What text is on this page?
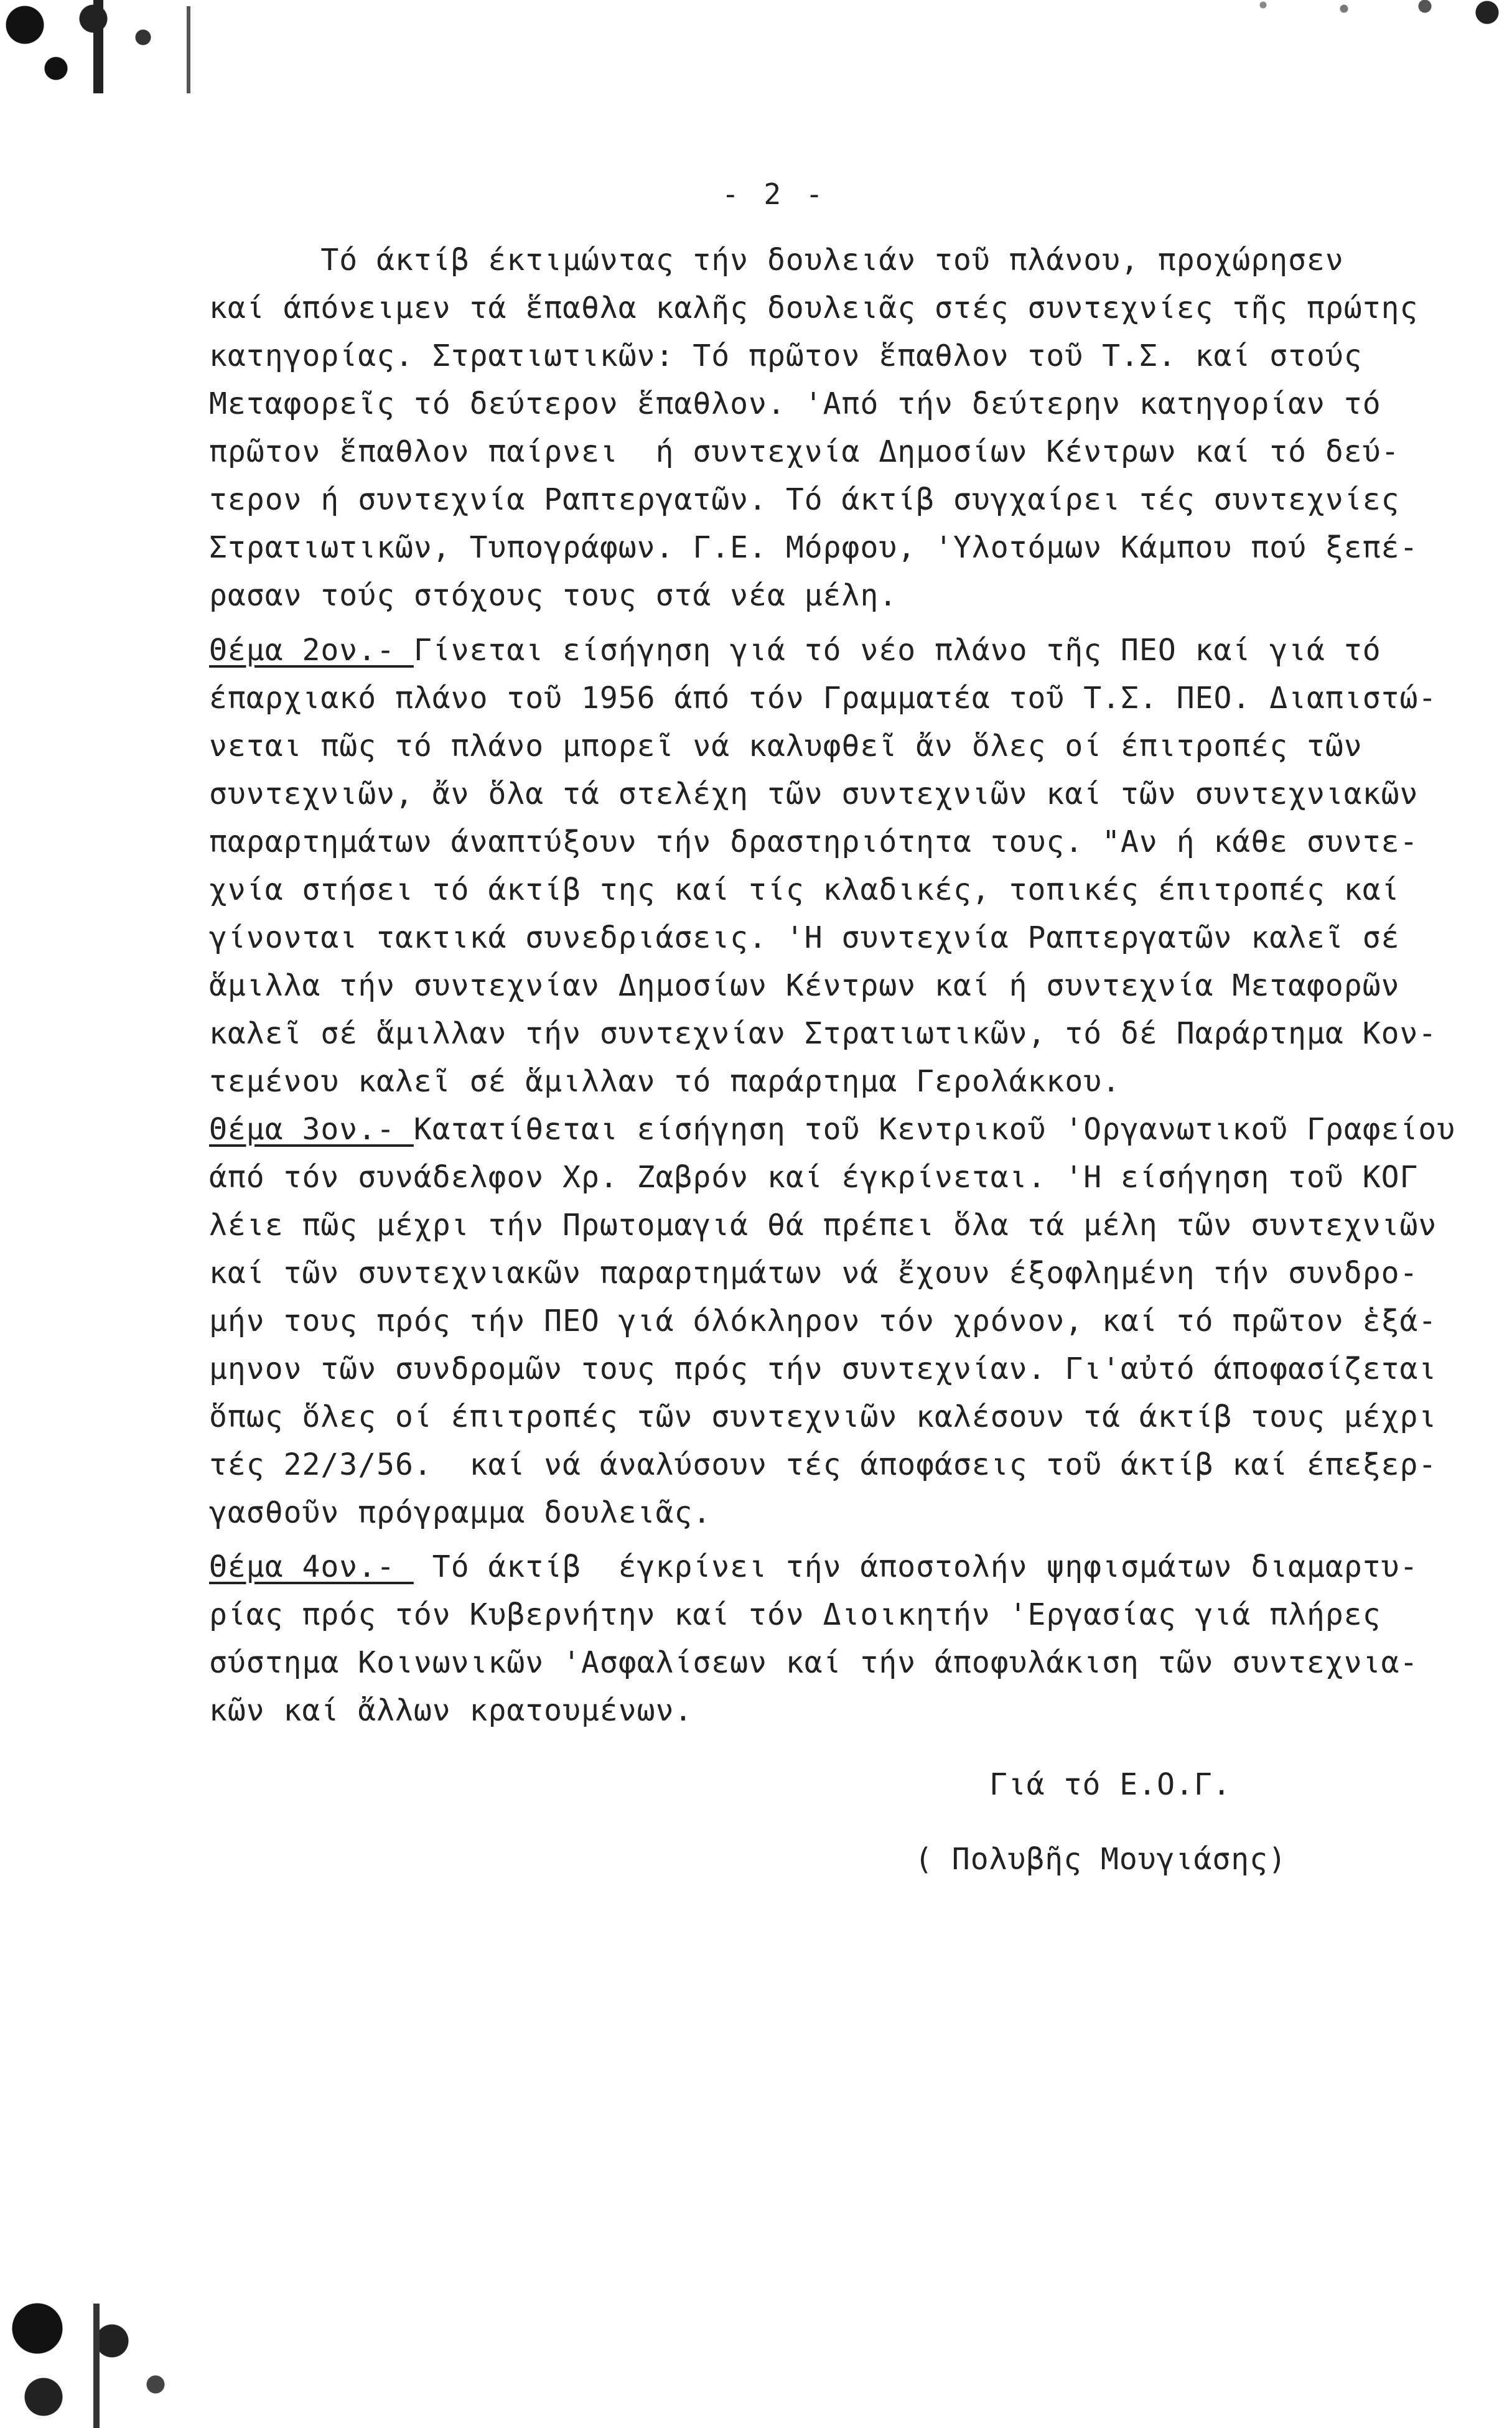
- 2 -
Τό άκτίβ έκτιμώντας τήν δουλειάν τοῦ πλάνου, προχώρησεν
καί άπόνειμεν τά ἕπαθλα καλῆς δουλειᾶς στές συντεχνίες τῆς πρώτης
κατηγορίας. Στρατιωτικῶν: Τό πρῶτον ἕπαθλον τοῦ Τ.Σ. καί στούς
Μεταφορεῖς τό δεύτερον ἕπαθλον. 'Από τήν δεύτερην κατηγορίαν τό
πρῶτον ἕπαθλον παίρνει  ή συντεχνία Δημοσίων Κέντρων καί τό δεύ-
τερον ή συντεχνία Ραπτεργατῶν. Τό άκτίβ συγχαίρει τές συντεχνίες
Στρατιωτικῶν, Τυπογράφων. Γ.Ε. Μόρφου, 'Υλοτόμων Κάμπου πού ξεπέ-
ρασαν τούς στόχους τους στά νέα μέλη.
Θέμα 2ον.- Γίνεται είσήγηση γιά τό νέο πλάνο τῆς ΠΕΟ καί γιά τό
έπαρχιακό πλάνο τοῦ 1956 άπό τόν Γραμματέα τοῦ Τ.Σ. ΠΕΟ. Διαπιστώ-
νεται πῶς τό πλάνο μπορεῖ νά καλυφθεῖ ἄν ὅλες οί έπιτροπές τῶν
συντεχνιῶν, ἄν ὅλα τά στελέχη τῶν συντεχνιῶν καί τῶν συντεχνιακῶν
παραρτημάτων άναπτύξουν τήν δραστηριότητα τους. "Αν ή κάθε συντε-
χνία στήσει τό άκτίβ της καί τίς κλαδικές, τοπικές έπιτροπές καί
γίνονται τακτικά συνεδριάσεις. 'Η συντεχνία Ραπτεργατῶν καλεῖ σέ
ἅμιλλα τήν συντεχνίαν Δημοσίων Κέντρων καί ή συντεχνία Μεταφορῶν
καλεῖ σέ ἅμιλλαν τήν συντεχνίαν Στρατιωτικῶν, τό δέ Παράρτημα Κον-
τεμένου καλεῖ σέ ἅμιλλαν τό παράρτημα Γερολάκκου.
Θέμα 3ον.- Κατατίθεται είσήγηση τοῦ Κεντρικοῦ 'Οργανωτικοῦ Γραφείου
άπό τόν συνάδελφον Χρ. Ζαβρόν καί έγκρίνεται. 'Η είσήγηση τοῦ ΚΟΓ
λέιε πῶς μέχρι τήν Πρωτομαγιά θά πρέπει ὅλα τά μέλη τῶν συντεχνιῶν
καί τῶν συντεχνιακῶν παραρτημάτων νά ἔχουν έξοφλημένη τήν συνδρο-
μήν τους πρός τήν ΠΕΟ γιά όλόκληρον τόν χρόνον, καί τό πρῶτον ἑξά-
μηνον τῶν συνδρομῶν τους πρός τήν συντεχνίαν. Γι'αὐτό άποφασίζεται
ὅπως ὅλες οί έπιτροπές τῶν συντεχνιῶν καλέσουν τά άκτίβ τους μέχρι
τές 22/3/56.  καί νά άναλύσουν τές άποφάσεις τοῦ άκτίβ καί έπεξερ-
γασθοῦν πρόγραμμα δουλειᾶς.
Θέμα 4ον.-  Τό άκτίβ  έγκρίνει τήν άποστολήν ψηφισμάτων διαμαρτυ-
ρίας πρός τόν Κυβερνήτην καί τόν Διοικητήν 'Εργασίας γιά πλήρες
σύστημα Κοινωνικῶν 'Ασφαλίσεων καί τήν άποφυλάκιση τῶν συντεχνια-
κῶν καί ἄλλων κρατουμένων.
Γιά τό Ε.Ο.Γ.
( Πολυβῆς Μουγιάσης)
